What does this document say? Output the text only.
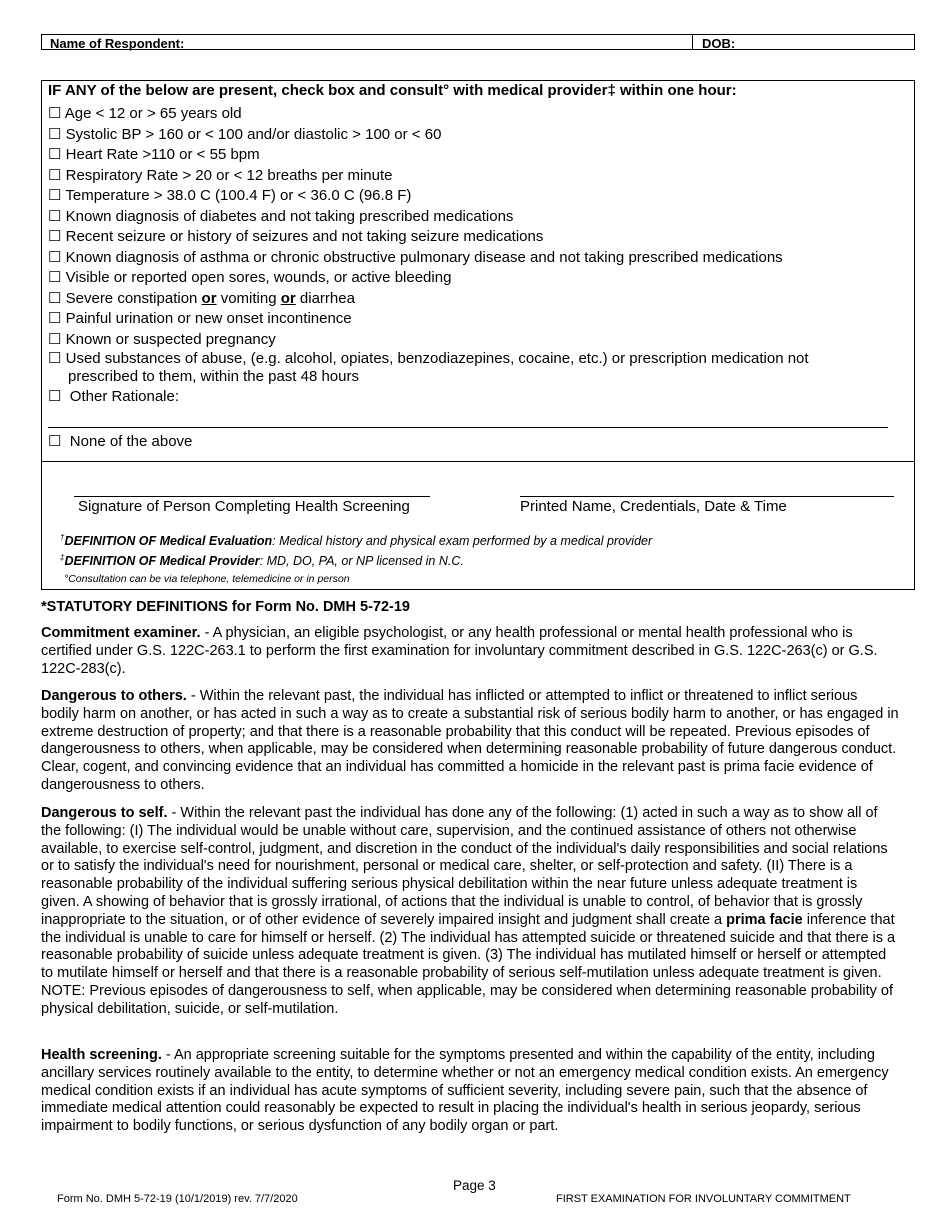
Name of Respondent:	DOB:
IF ANY of the below are present, check box and consult° with medical provider‡ within one hour:
☐ Age < 12 or > 65 years old
☐ Systolic BP > 160 or < 100 and/or diastolic > 100 or < 60
☐ Heart Rate >110 or < 55 bpm
☐ Respiratory Rate > 20 or < 12 breaths per minute
☐ Temperature > 38.0 C (100.4 F) or < 36.0 C (96.8 F)
☐ Known diagnosis of diabetes and not taking prescribed medications
☐ Recent seizure or history of seizures and not taking seizure medications
☐ Known diagnosis of asthma or chronic obstructive pulmonary disease and not taking prescribed medications
☐ Visible or reported open sores, wounds, or active bleeding
☐ Severe constipation or vomiting or diarrhea
☐ Painful urination or new onset incontinence
☐ Known or suspected pregnancy
☐ Used substances of abuse, (e.g. alcohol, opiates, benzodiazepines, cocaine, etc.) or prescription medication not
prescribed to them, within the past 48 hours
☐ Other Rationale:
☐ None of the above
Signature of Person Completing Health Screening	Printed Name, Credentials, Date & Time
†DEFINITION OF Medical Evaluation: Medical history and physical exam performed by a medical provider
‡DEFINITION OF Medical Provider: MD, DO, PA, or NP licensed in N.C.
°Consultation can be via telephone, telemedicine or in person
*STATUTORY DEFINITIONS for Form No. DMH 5-72-19

Commitment examiner. - A physician, an eligible psychologist, or any health professional or mental health professional who is certified under G.S. 122C-263.1 to perform the first examination for involuntary commitment described in G.S. 122C-263(c) or G.S. 122C-283(c).

Dangerous to others. - Within the relevant past, the individual has inflicted or attempted to inflict or threatened to inflict serious bodily harm on another, or has acted in such a way as to create a substantial risk of serious bodily harm to another, or has engaged in extreme destruction of property; and that there is a reasonable probability that this conduct will be repeated. Previous episodes of dangerousness to others, when applicable, may be considered when determining reasonable probability of future dangerous conduct. Clear, cogent, and convincing evidence that an individual has committed a homicide in the relevant past is prima facie evidence of dangerousness to others.

Dangerous to self. - Within the relevant past the individual has done any of the following: (1) acted in such a way as to show all of the following: (I) The individual would be unable without care, supervision, and the continued assistance of others not otherwise available, to exercise self-control, judgment, and discretion in the conduct of the individual's daily responsibilities and social relations or to satisfy the individual's need for nourishment, personal or medical care, shelter, or self-protection and safety. (II) There is a reasonable probability of the individual suffering serious physical debilitation within the near future unless adequate treatment is given. A showing of behavior that is grossly irrational, of actions that the individual is unable to control, of behavior that is grossly inappropriate to the situation, or of other evidence of severely impaired insight and judgment shall create a prima facie inference that the individual is unable to care for himself or herself. (2) The individual has attempted suicide or threatened suicide and that there is a reasonable probability of suicide unless adequate treatment is given. (3) The individual has mutilated himself or herself or attempted to mutilate himself or herself and that there is a reasonable probability of serious self-mutilation unless adequate treatment is given. NOTE: Previous episodes of dangerousness to self, when applicable, may be considered when determining reasonable probability of physical debilitation, suicide, or self-mutilation.

Health screening. - An appropriate screening suitable for the symptoms presented and within the capability of the entity, including ancillary services routinely available to the entity, to determine whether or not an emergency medical condition exists. An emergency medical condition exists if an individual has acute symptoms of sufficient severity, including severe pain, such that the absence of immediate medical attention could reasonably be expected to result in placing the individual's health in serious jeopardy, serious impairment to bodily functions, or serious dysfunction of any bodily organ or part.

Page 3
Form No. DMH 5-72-19 (10/1/2019) rev. 7/7/2020	FIRST EXAMINATION FOR INVOLUNTARY COMMITMENT
